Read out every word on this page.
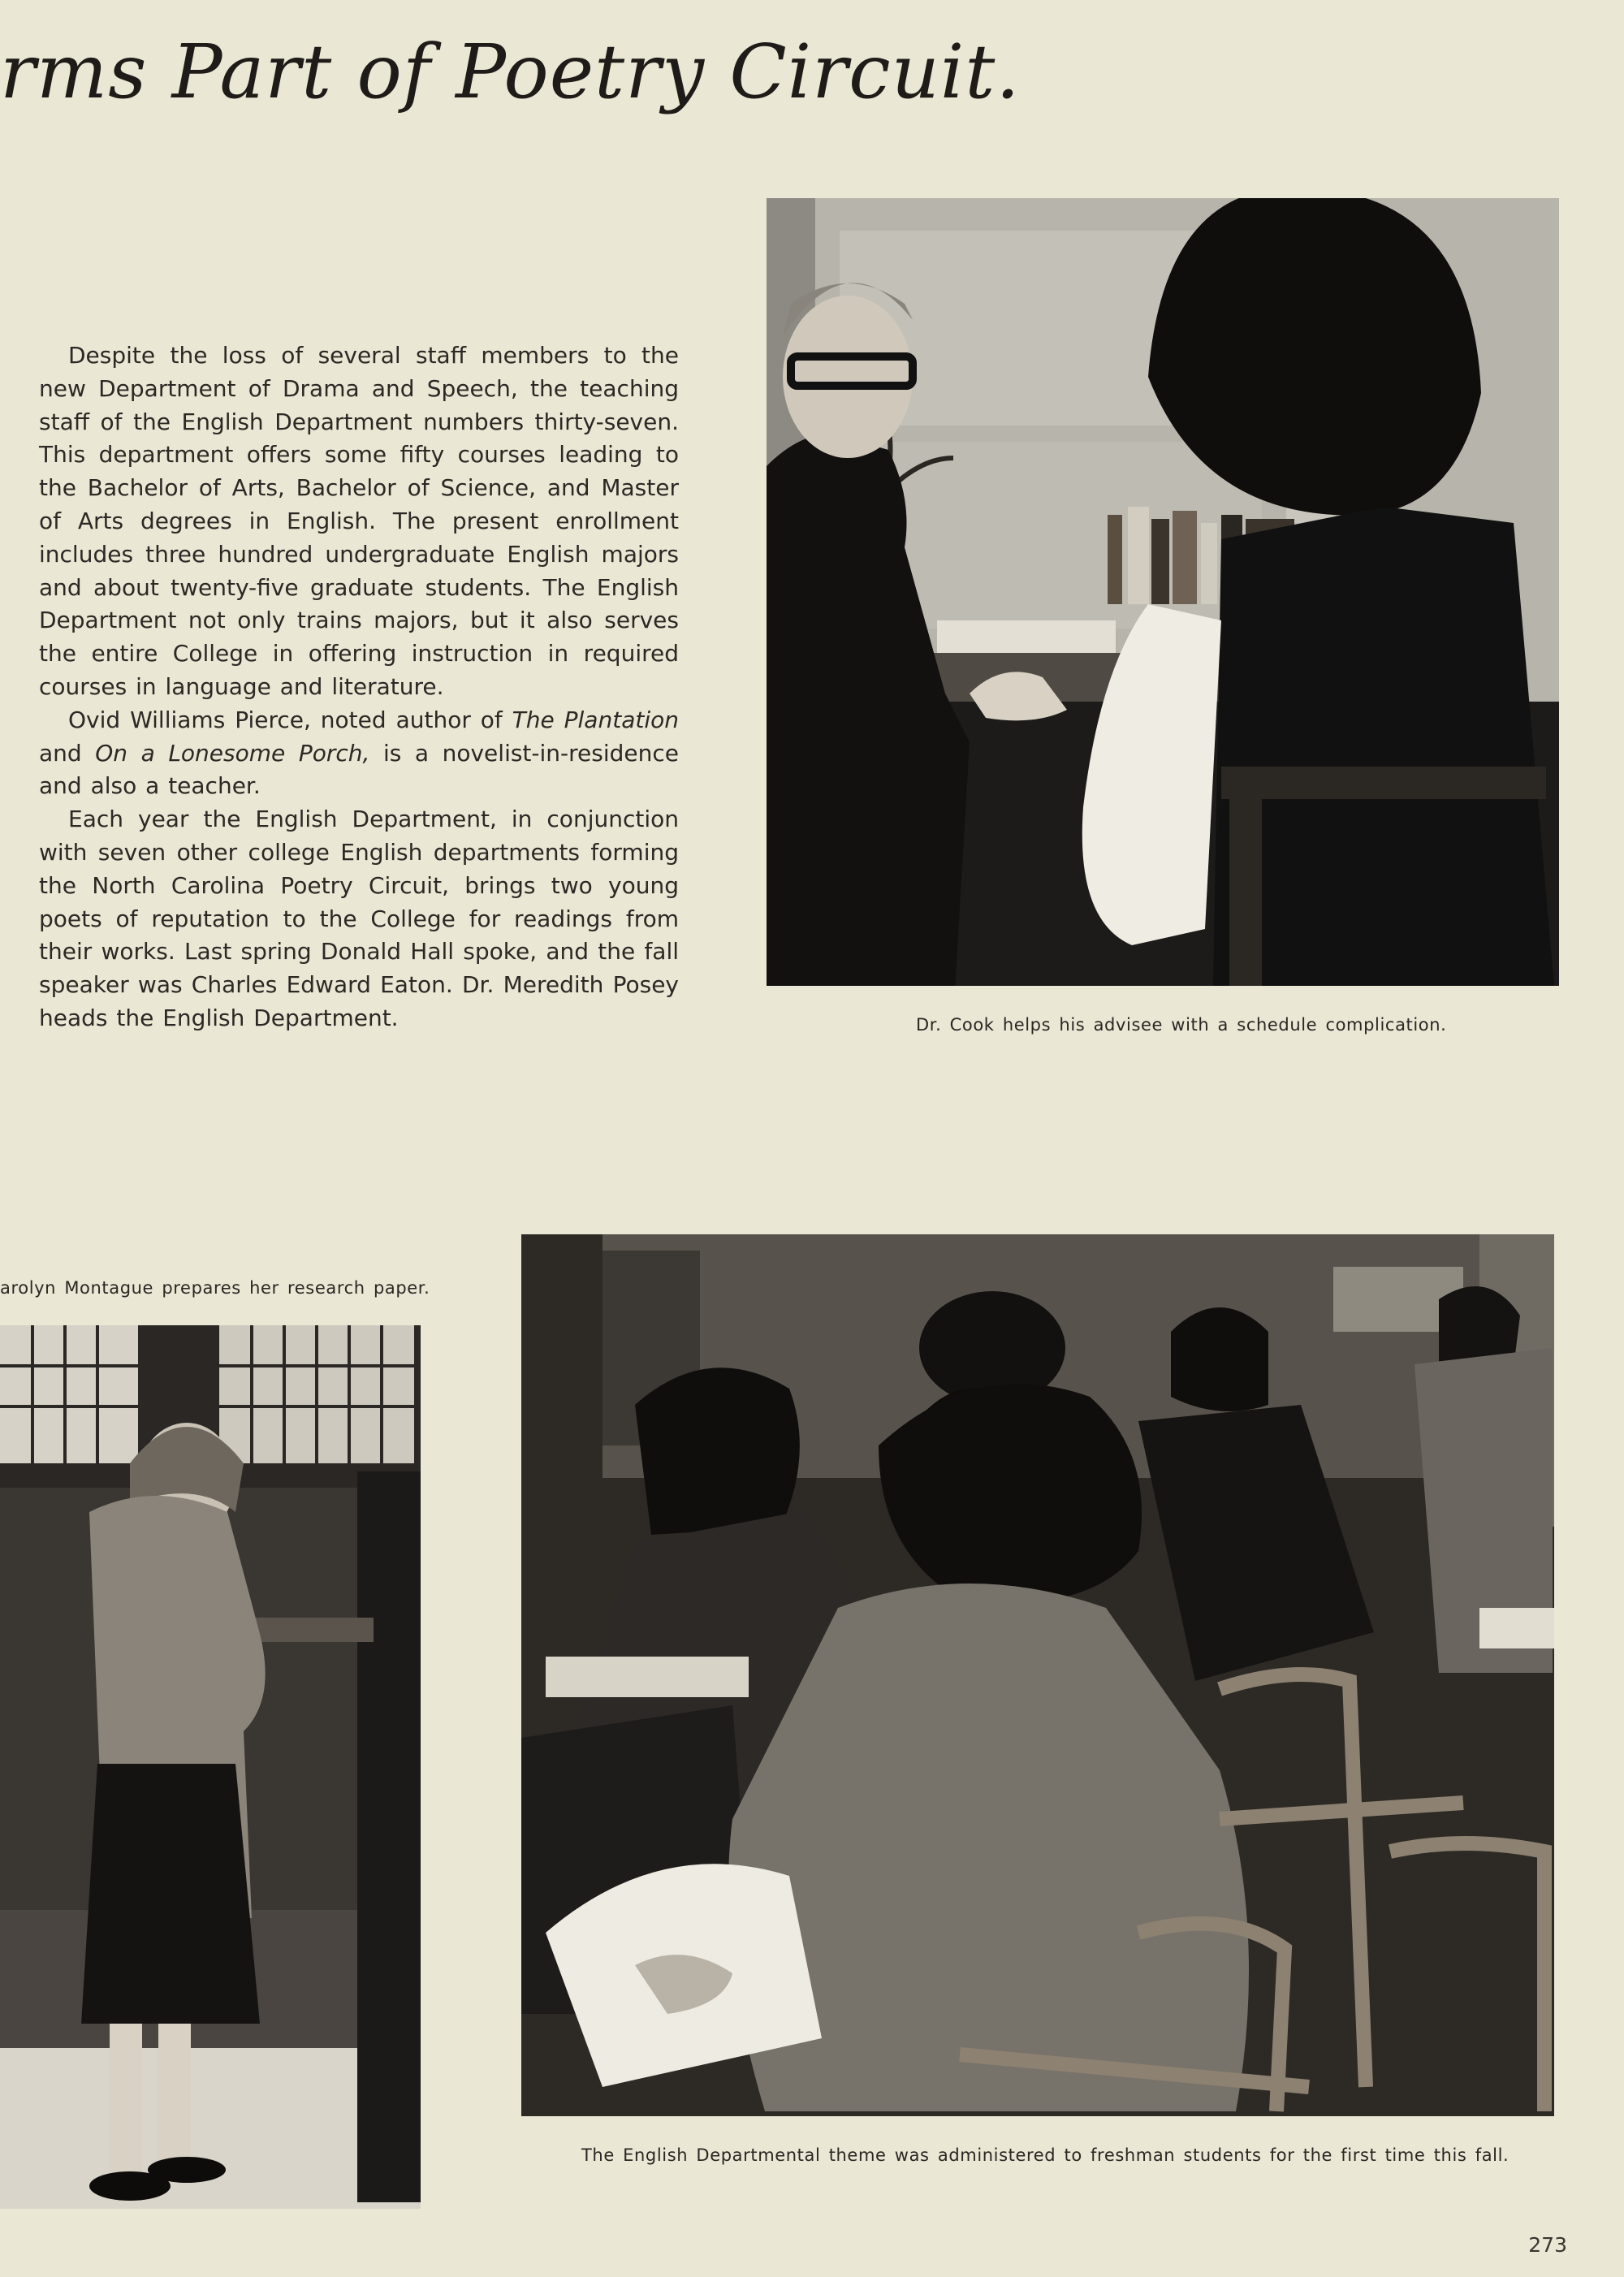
rms Part of Poetry Circuit.

Despite the loss of several staff members to the new Department of Drama and Speech, the teaching staff of the English Department numbers thirty-seven. This department offers some fifty courses leading to the Bachelor of Arts, Bachelor of Science, and Master of Arts degrees in English. The present enrollment includes three hundred undergraduate English majors and about twenty-five graduate students. The English Department not only trains majors, but it also serves the entire College in offering instruction in required courses in language and literature.

Ovid Williams Pierce, noted author of The Plantation and On a Lonesome Porch, is a novelist-in-residence and also a teacher.

Each year the English Department, in conjunction with seven other college English departments forming the North Carolina Poetry Circuit, brings two young poets of reputation to the College for readings from their works. Last spring Donald Hall spoke, and the fall speaker was Charles Edward Eaton. Dr. Meredith Posey heads the English Department.	Dr. Cook helps his advisee with a schedule complication.

arolyn Montague prepares her research paper.

The English Departmental theme was administered to freshman students for the first time this fall.

273
